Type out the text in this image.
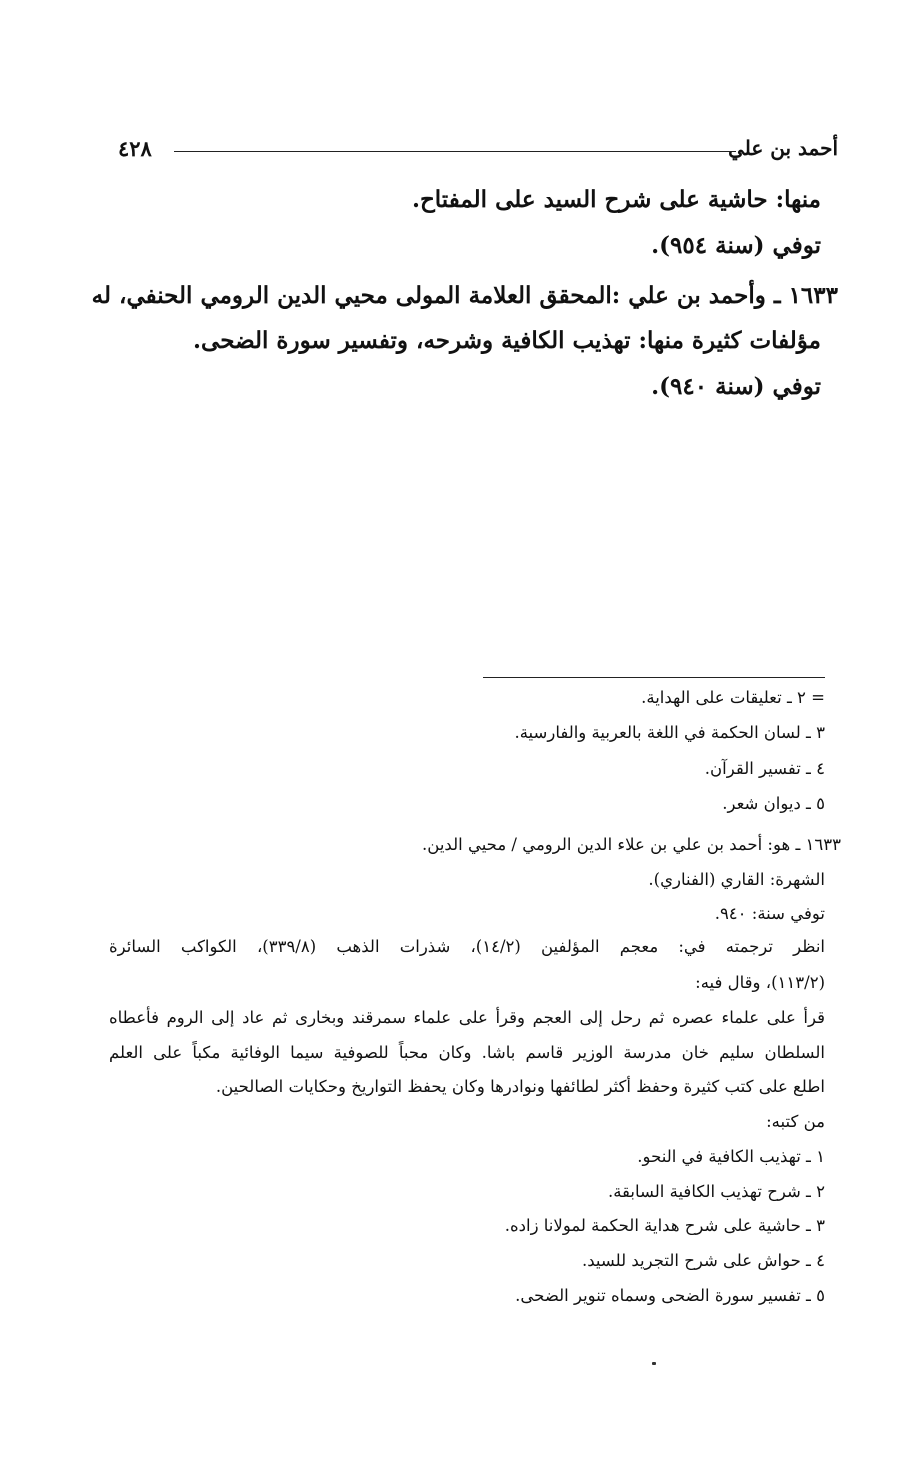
أحمد بن علي
٤٢٨
منها: حاشية على شرح السيد على المفتاح.
توفي (سنة ٩٥٤).
١٦٣٣ ـ وأحمد بن علي :المحقق العلامة المولى محيي الدين الرومي الحنفي، له
مؤلفات كثيرة منها: تهذيب الكافية وشرحه، وتفسير سورة الضحى.
توفي (سنة ٩٤٠).
= ٢ ـ تعليقات على الهداية.
٣ ـ لسان الحكمة في اللغة بالعربية والفارسية.
٤ ـ تفسير القرآن.
٥ ـ ديوان شعر.
١٦٣٣ ـ هو: أحمد بن علي بن علاء الدين الرومي / محيي الدين.
الشهرة: القاري (الفناري).
توفي سنة: ٩٤٠.
انظر ترجمته في: معجم المؤلفين (١٤/٢)، شذرات الذهب (٣٣٩/٨)، الكواكب السائرة
(١١٣/٢)، وقال فيه:
قرأ على علماء عصره ثم رحل إلى العجم وقرأ على علماء سمرقند وبخارى ثم عاد إلى الروم فأعطاه
السلطان سليم خان مدرسة الوزير قاسم باشا. وكان محباً للصوفية سيما الوفائية مكباً على العلم
اطلع على كتب كثيرة وحفظ أكثر لطائفها ونوادرها وكان يحفظ التواريخ وحكايات الصالحين.
من كتبه:
١ ـ تهذيب الكافية في النحو.
٢ ـ شرح تهذيب الكافية السابقة.
٣ ـ حاشية على شرح هداية الحكمة لمولانا زاده.
٤ ـ حواش على شرح التجريد للسيد.
٥ ـ تفسير سورة الضحى وسماه تنوير الضحى.
